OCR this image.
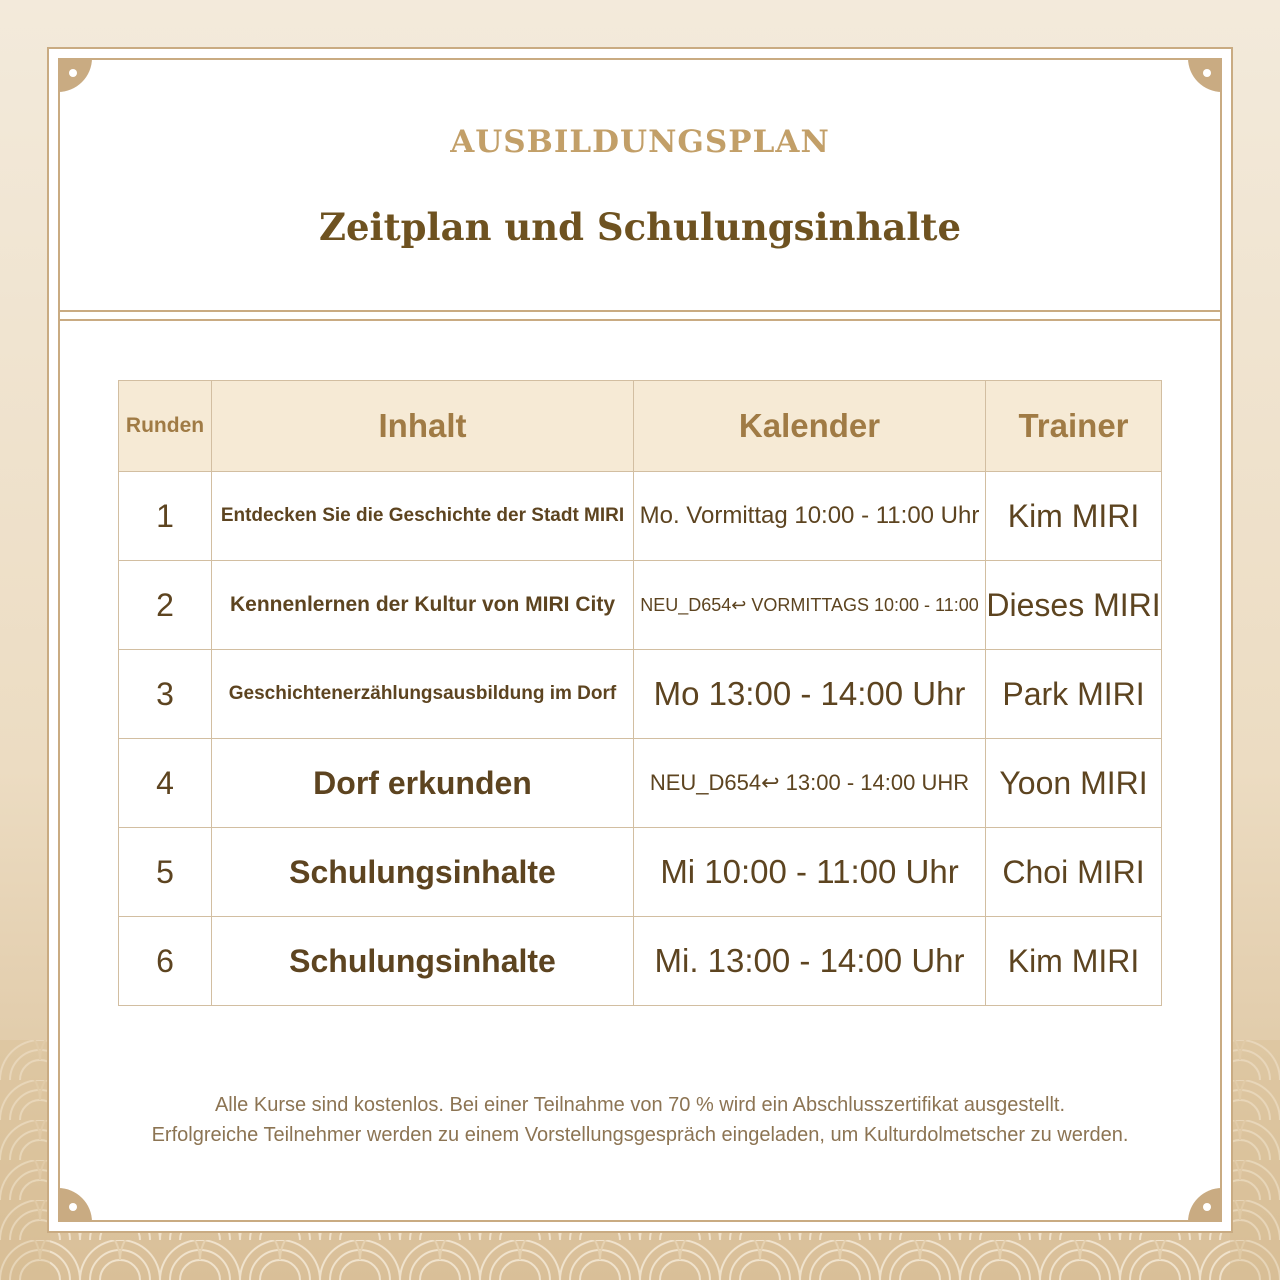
AUSBILDUNGSPLAN
Zeitplan und Schulungsinhalte
Runden	Inhalt	Kalender	Trainer
1	Entdecken Sie die Geschichte der Stadt MIRI	Mo. Vormittag 10:00 - 11:00 Uhr	Kim MIRI
2	Kennenlernen der Kultur von MIRI City	NEU_D654↩ VORMITTAGS 10:00 - 11:00	Dieses MIRI
3	Geschichtenerzählungsausbildung im Dorf	Mo 13:00 - 14:00 Uhr	Park MIRI
4	Dorf erkunden	NEU_D654↩ 13:00 - 14:00 UHR	Yoon MIRI
5	Schulungsinhalte	Mi 10:00 - 11:00 Uhr	Choi MIRI
6	Schulungsinhalte	Mi. 13:00 - 14:00 Uhr	Kim MIRI
Alle Kurse sind kostenlos. Bei einer Teilnahme von 70 % wird ein Abschlusszertifikat ausgestellt.
Erfolgreiche Teilnehmer werden zu einem Vorstellungsgespräch eingeladen, um Kulturdolmetscher zu werden.
